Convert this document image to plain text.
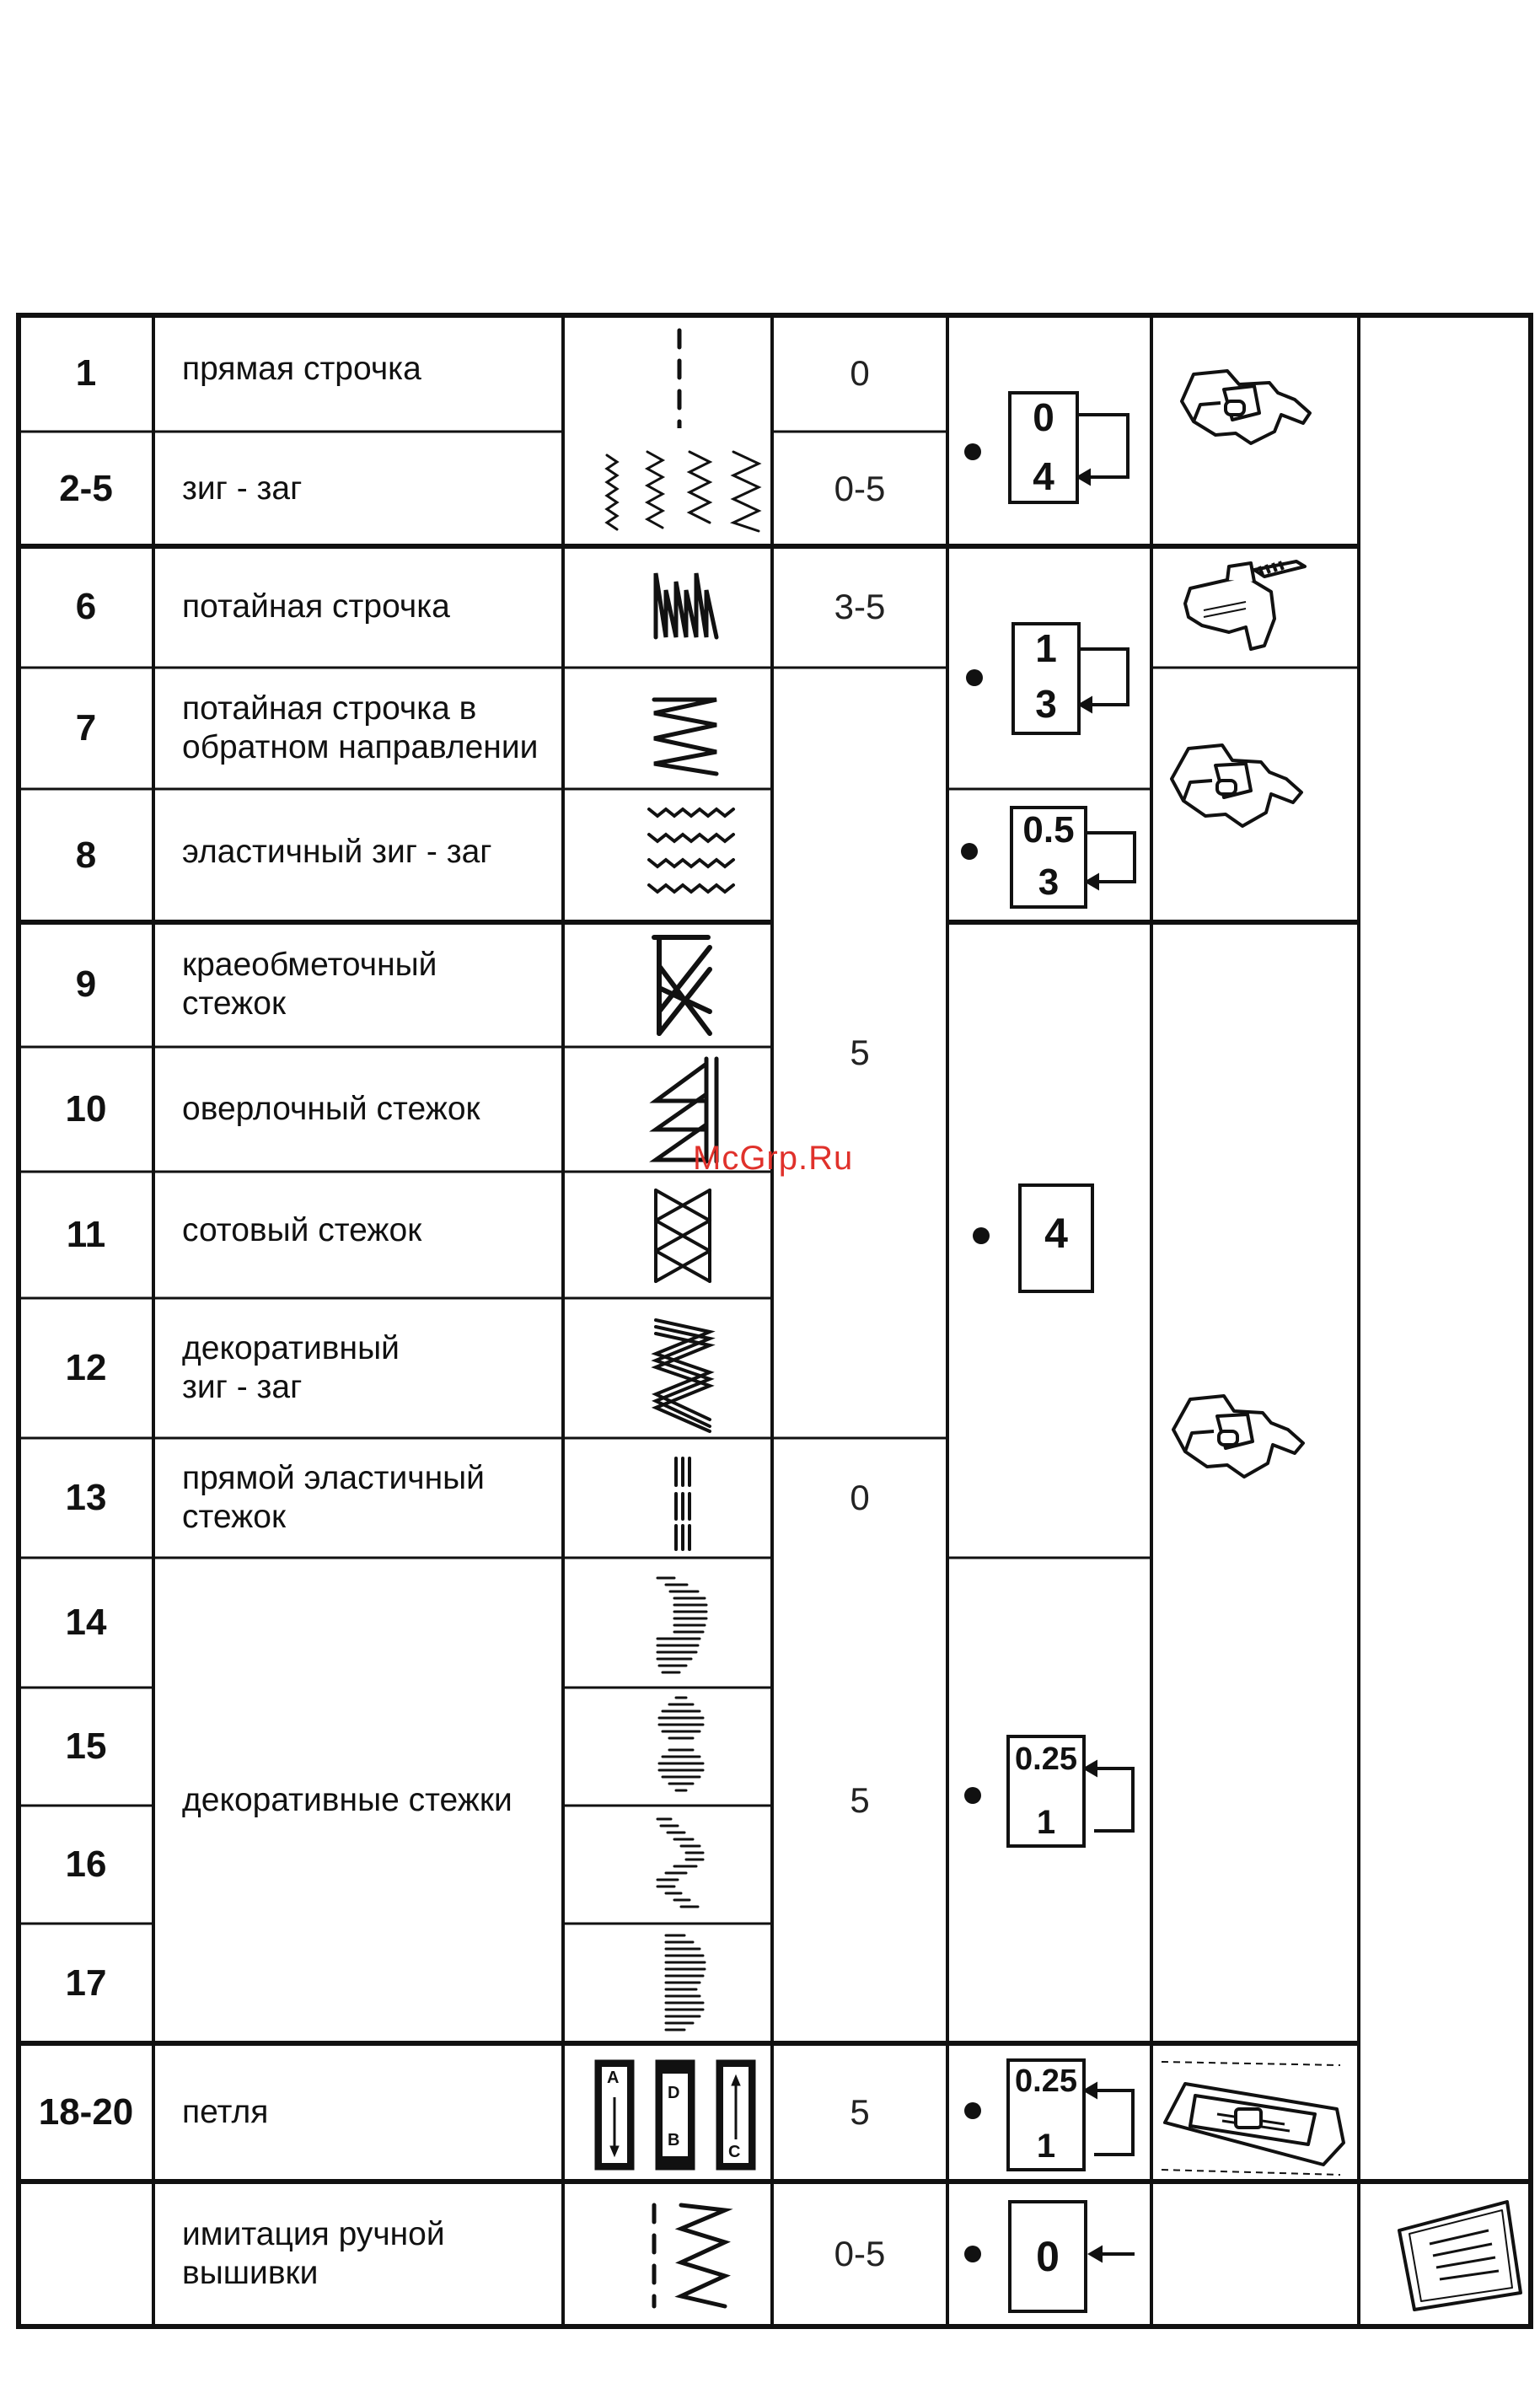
1
2-5
6
7
8
9
10
11
12
13
14
15
16
17
18-20
прямая строчка
зиг - заг
потайная строчка
потайная строчка в
обратном направлении
эластичный зиг - заг
краеобметочный
стежок
оверлочный стежок
сотовый стежок
декоративный
зиг - заг
прямой эластичный
стежок
декоративные стежки
петля
имитация ручной
вышивки
0
0-5
3-5
5
0
5
5
0-5
A
D
B
C
0
4
1
3
0.5
3
4
0.25
1
0.25
1
0
McGrp.Ru
